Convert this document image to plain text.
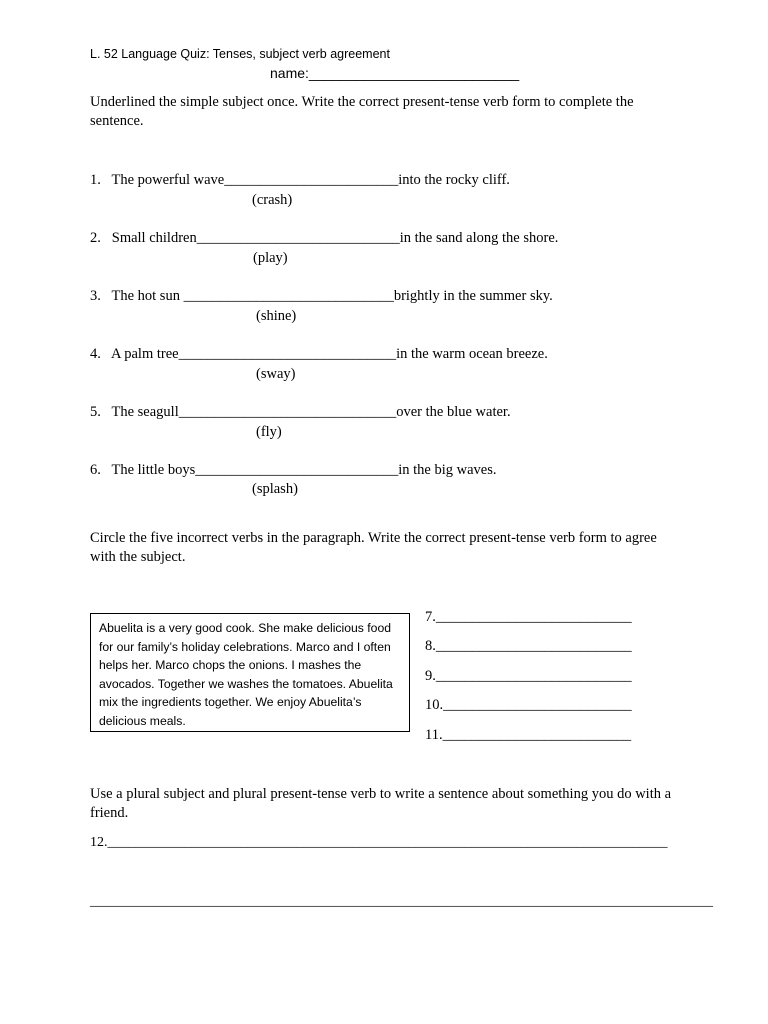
L. 52 Language Quiz: Tenses, subject verb agreement
name:___________________________
Underlined the simple subject once. Write the correct present-tense verb form to complete the sentence.
1.   The powerful wave________________________into the rocky cliff.
(crash)
2.   Small children____________________________in the sand along the shore.
(play)
3.   The hot sun _____________________________brightly in the summer sky.
(shine)
4.   A palm tree______________________________in the warm ocean breeze.
(sway)
5.   The seagull______________________________over the blue water.
(fly)
6.   The little boys____________________________in the big waves.
(splash)
Circle the five incorrect verbs in the paragraph. Write the correct present-tense verb form to agree with the subject.
Abuelita is a very good cook. She make delicious food for our family’s holiday celebrations. Marco and I often helps her. Marco chops the onions. I mashes the avocados. Together we washes the tomatoes. Abuelita mix the ingredients together. We enjoy Abuelita’s delicious meals.
7.___________________________
8.___________________________
9.___________________________
10.__________________________
11.__________________________
Use a plural subject and plural present-tense verb to write a sentence about something you do with a friend.
12.________________________________________________________________________________
_________________________________________________________________________________________
